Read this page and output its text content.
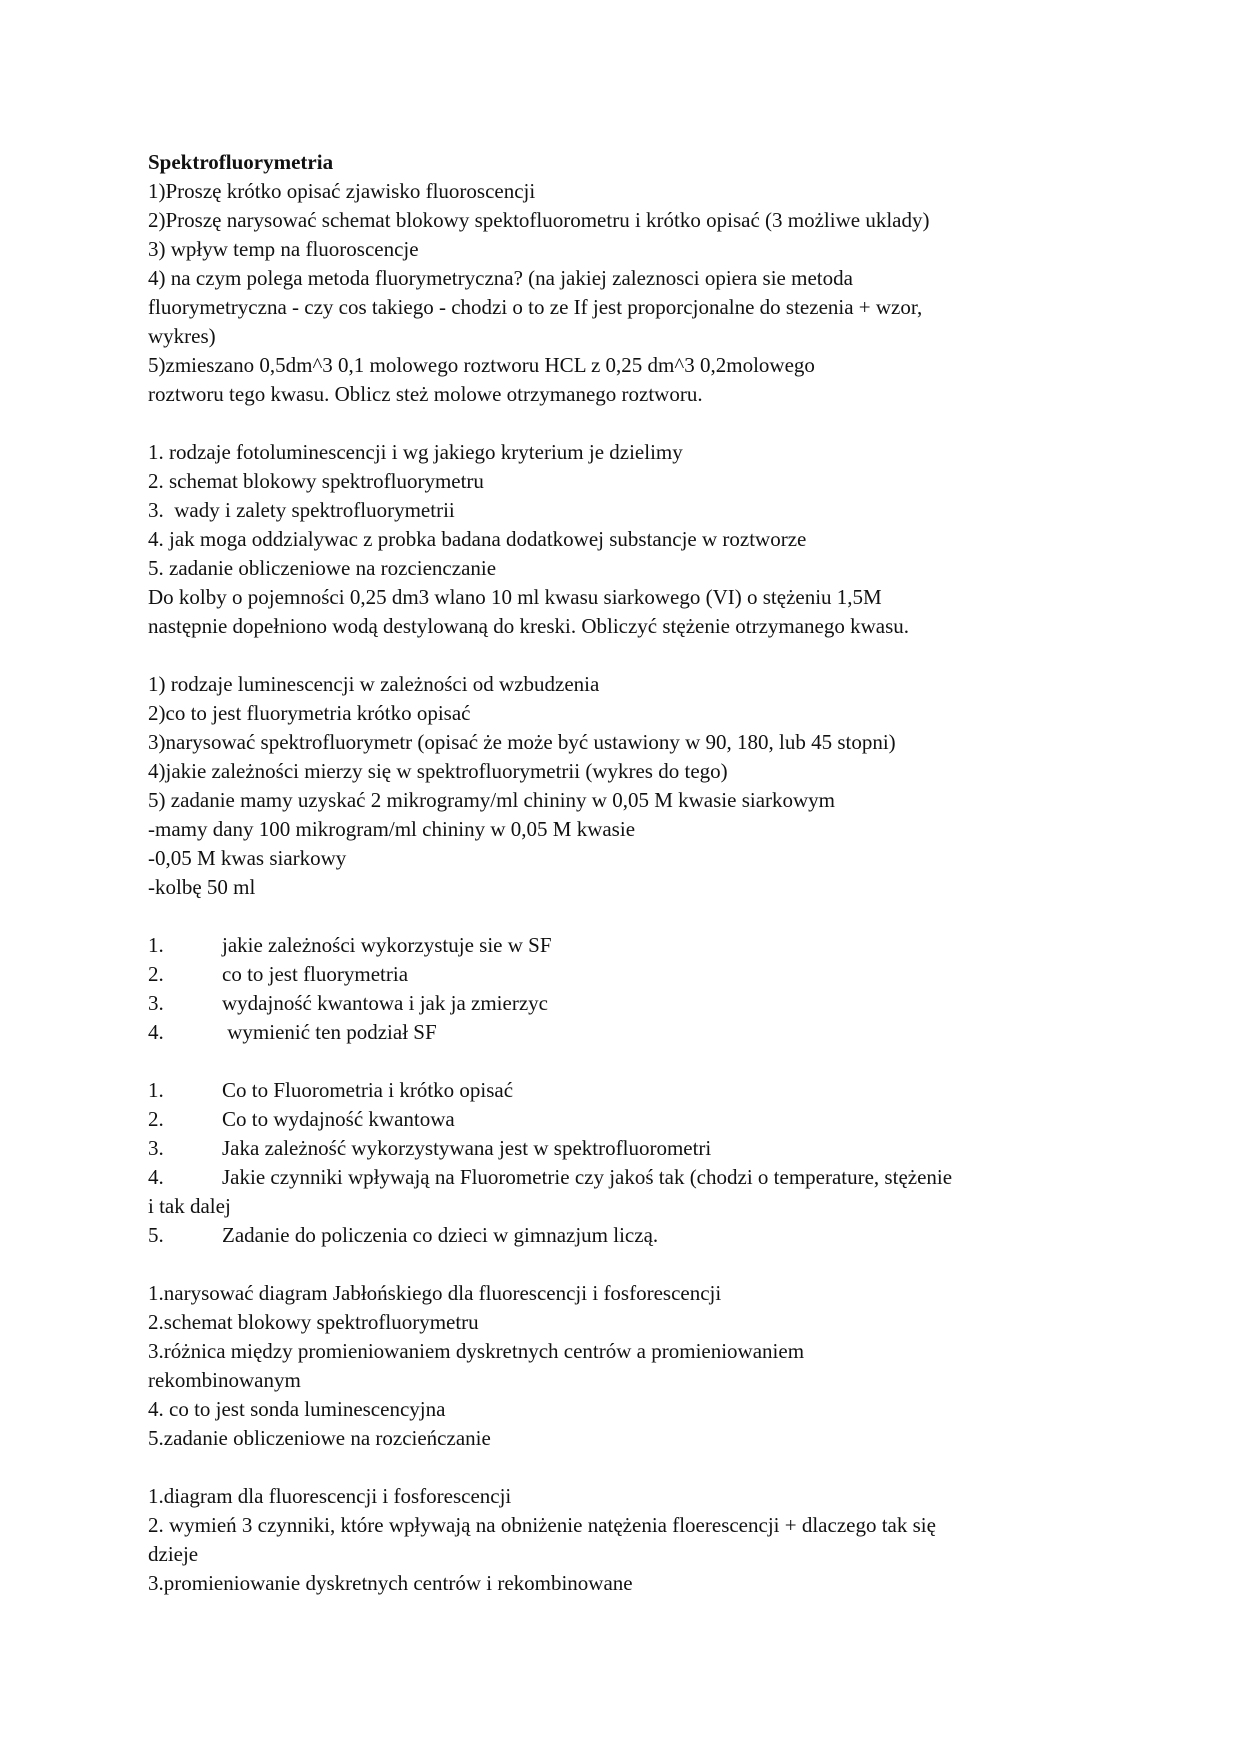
Spektrofluorymetria

1)Proszę krótko opisać zjawisko fluoroscencji

2)Proszę narysować schemat blokowy spektofluorometru i krótko opisać (3 możliwe uklady)

3) wpływ temp na fluoroscencje

4) na czym polega metoda fluorymetryczna? (na jakiej zaleznosci opiera sie metoda

fluorymetryczna - czy cos takiego - chodzi o to ze If jest proporcjonalne do stezenia + wzor,

wykres)

5)zmieszano 0,5dm^3 0,1 molowego roztworu HCL z 0,25 dm^3 0,2molowego

roztworu tego kwasu. Oblicz steż molowe otrzymanego roztworu.

1. rodzaje fotoluminescencji i wg jakiego kryterium je dzielimy

2. schemat blokowy spektrofluorymetru

3.  wady i zalety spektrofluorymetrii

4. jak moga oddzialywac z probka badana dodatkowej substancje w roztworze

5. zadanie obliczeniowe na rozcienczanie

Do kolby o pojemności 0,25 dm3 wlano 10 ml kwasu siarkowego (VI) o stężeniu 1,5M

następnie dopełniono wodą destylowaną do kreski. Obliczyć stężenie otrzymanego kwasu.

1) rodzaje luminescencji w zależności od wzbudzenia

2)co to jest fluorymetria krótko opisać

3)narysować spektrofluorymetr (opisać że może być ustawiony w 90, 180, lub 45 stopni)

4)jakie zależności mierzy się w spektrofluorymetrii (wykres do tego)

5) zadanie mamy uzyskać 2 mikrogramy/ml chininy w 0,05 M kwasie siarkowym

-mamy dany 100 mikrogram/ml chininy w 0,05 M kwasie

-0,05 M kwas siarkowy

-kolbę 50 ml

1.	jakie zależności wykorzystuje sie w SF
2.	co to jest fluorymetria
3.	wydajność kwantowa i jak ja zmierzyc
4.	wymienić ten podział SF
1.	Co to Fluorometria i krótko opisać
2.	Co to wydajność kwantowa
3.	Jaka zależność wykorzystywana jest w spektrofluorometri
4.	Jakie czynniki wpływają na Fluorometrie czy jakoś tak (chodzi o temperature, stężenie

i tak dalej

5.	Zadanie do policzenia co dzieci w gimnazjum liczą.

1.narysować diagram Jabłońskiego dla fluorescencji i fosforescencji

2.schemat blokowy spektrofluorymetru

3.różnica między promieniowaniem dyskretnych centrów a promieniowaniem

rekombinowanym

4. co to jest sonda luminescencyjna

5.zadanie obliczeniowe na rozcieńczanie

1.diagram dla fluorescencji i fosforescencji

2. wymień 3 czynniki, które wpływają na obniżenie natężenia floerescencji + dlaczego tak się

dzieje

3.promieniowanie dyskretnych centrów i rekombinowane
